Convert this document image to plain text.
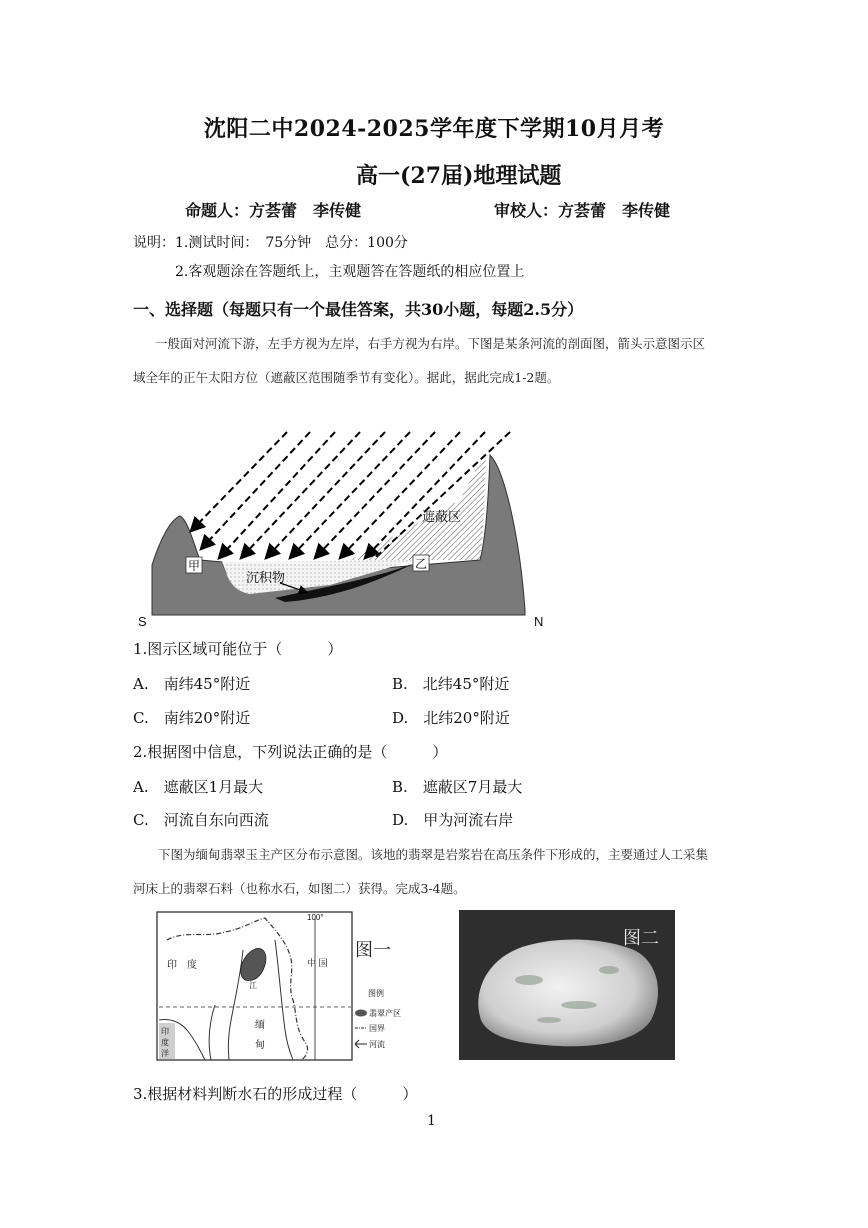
沈阳二中2024-2025学年度下学期10月月考
高一(27届)地理试题
命题人：方荟蕾　李传健	审校人：方荟蕾　李传健
说明：1.测试时间：　75分钟　总分：100分
2.客观题涂在答题纸上，主观题答在答题纸的相应位置上
一、选择题（每题只有一个最佳答案，共30小题，每题2.5分）
一般面对河流下游，左手方视为左岸，右手方视为右岸。下图是某条河流的剖面图，箭头示意图示区
域全年的正午太阳方位（遮蔽区范围随季节有变化）。据此，据此完成1-2题。
遮蔽区
沉积物
甲	乙
S	N
1.图示区域可能位于（　　　）
A.　南纬45°附近	B.　北纬45°附近
C.　南纬20°附近	D.　北纬20°附近
2.根据图中信息，下列说法正确的是（　　　）
A.　遮蔽区1月最大	B.　遮蔽区7月最大
C.　河流自东向西流	D.　甲为河流右岸
下图为缅甸翡翠玉主产区分布示意图。该地的翡翠是岩浆岩在高压条件下形成的，主要通过人工采集
河床上的翡翠石料（也称水石，如图二）获得。完成3-4题。
100°
印　度	中 国
缅
甸
印
度
洋
江
图一
图例
翡翠产区
国界
河流
图二
3.根据材料判断水石的形成过程（　　　）
1
